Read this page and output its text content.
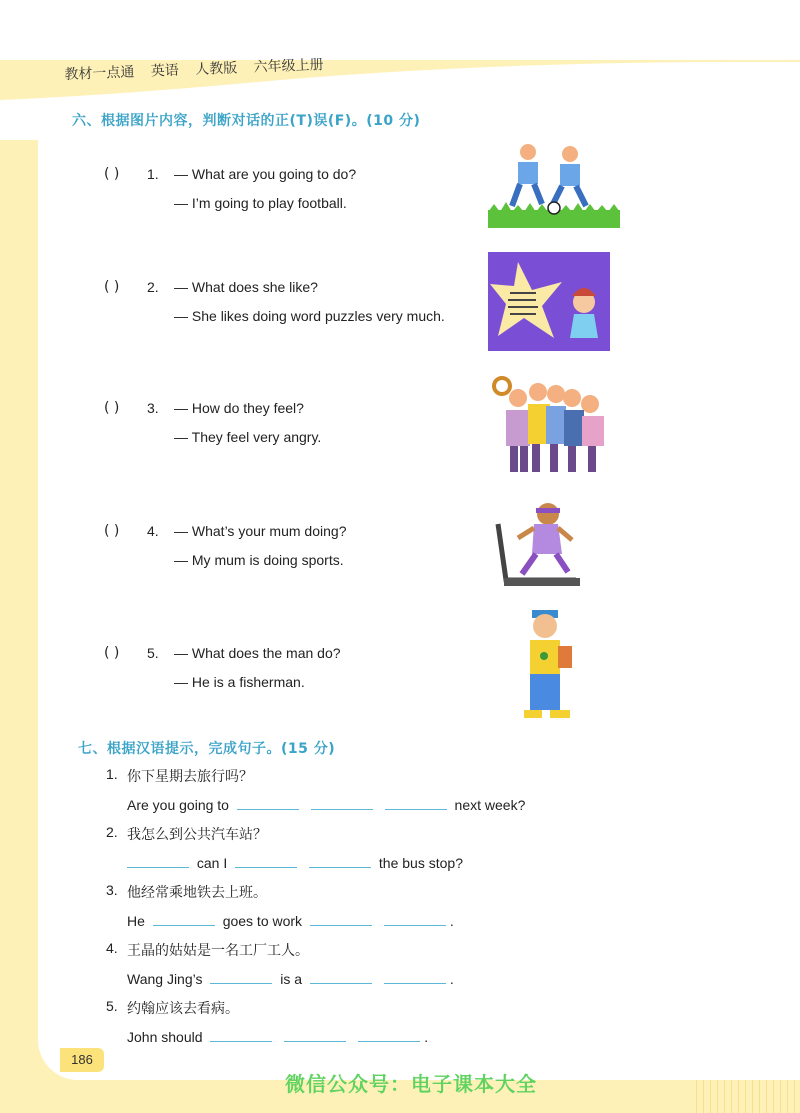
教材一点通 英语 人教版 六年级上册
六、根据图片内容，判断对话的正(T)误(F)。(10 分)
( ) 1. — What are you going to do?
— I’m going to play football.
( ) 2. — What does she like?
— She likes doing word puzzles very much.
( ) 3. — How do they feel?
— They feel very angry.
( ) 4. — What’s your mum doing?
— My mum is doing sports.
( ) 5. — What does the man do?
— He is a fisherman.
七、根据汉语提示，完成句子。(15 分)
1. 你下星期去旅行吗？
Are you going to	next week?
2. 我怎么到公共汽车站？
can I	the bus stop?
3. 他经常乘地铁去上班。
He	goes to work	.
4. 王晶的姑姑是一名工厂工人。
Wang Jing’s	is a	.
5. 约翰应该去看病。
John should	.
186
微信公众号：电子课本大全
